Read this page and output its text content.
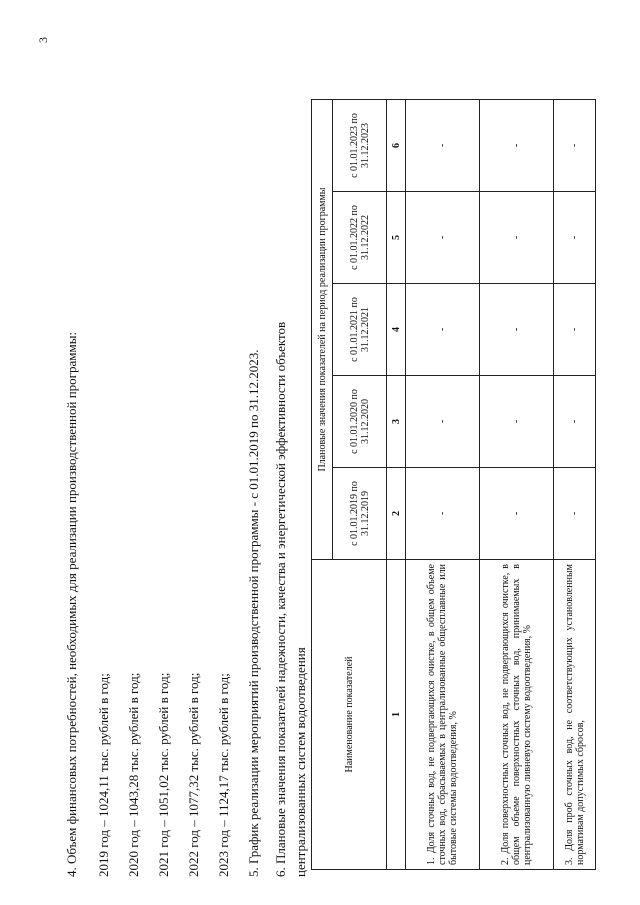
3
4. Объем финансовых потребностей, необходимых для реализации производственной программы: 2019 год – 1024,11 тыс. рублей в год; 2020 год – 1043,28 тыс. рублей в год; 2021 год – 1051,02 тыс. рублей в год; 2022 год – 1077,32 тыс. рублей в год; 2023 год – 1124,17 тыс. рублей в год; 5. График реализации мероприятий производственной программы - с 01.01.2019 по 31.12.2023. 6. Плановые значения показателей надежности, качества и энергетической эффективности объектов централизованных систем водоотведения	Наименование показателей	Плановые значения показателей на период реализации программы				
	с 01.01.2019 по 31.12.2019	с 01.01.2020 по 31.12.2020	с 01.01.2021 по 31.12.2021	с 01.01.2022 по 31.12.2022	с 01.01.2023 по 31.12.2023
1	2	3	4	5	6
1. Доля сточных вод, не подвергающихся очистке, в общем объеме сточных вод, сбрасываемых в централизованные общесплавные или бытовые системы водоотведения, %	-	-	-	-	-
2. Доля поверхностных сточных вод, не подвергающихся очистке, в общем объеме поверхностных сточных вод, принимаемых в централизованную ливневую систему водоотведения, %	-	-	-	-	-
3. Доля проб сточных вод, не соответствующих установленным нормативам допустимых сбросов,	-	-	-	-	-
